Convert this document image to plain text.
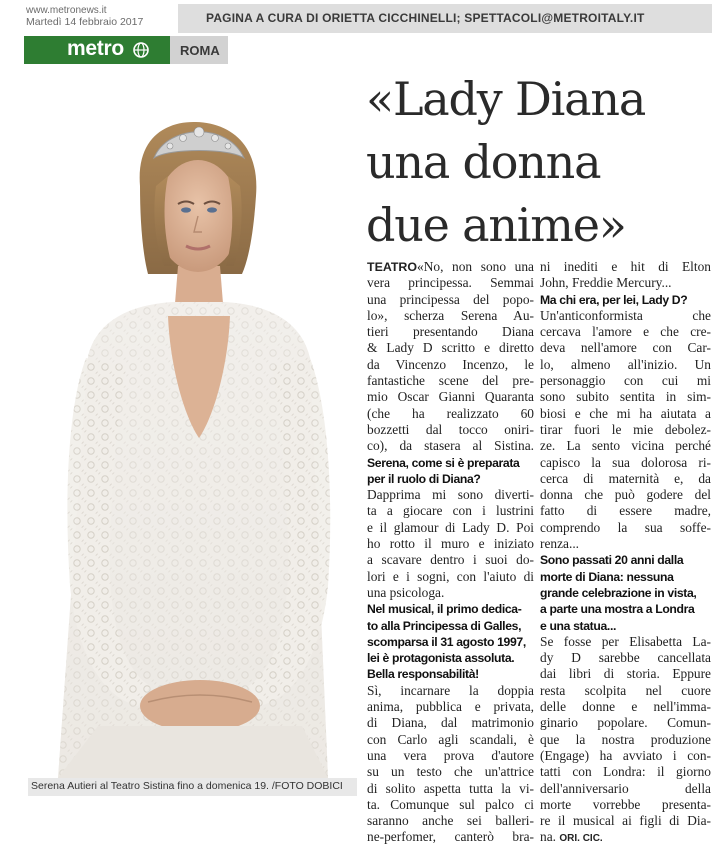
www.metronews.it
Martedì 14 febbraio 2017	PAGINA A CURA DI ORIETTA CICCHINELLI; SPETTACOLI@METROITALY.IT
metro	ROMA
Serena Autieri al Teatro Sistina fino a domenica 19. /FOTO DOBICI
«Lady Diana
una donna
due anime»
TEATRO«No, non sono una
vera principessa. Semmai
una principessa del popo-
lo», scherza Serena Au-
tieri presentando Diana
& Lady D scritto e diretto
da Vincenzo Incenzo, le
fantastiche scene del pre-
mio Oscar Gianni Quaranta
(che ha realizzato 60
bozzetti dal tocco oniri-
co), da stasera al Sistina.
Serena, come si è preparata
per il ruolo di Diana?
Dapprima mi sono diverti-
ta a giocare con i lustrini
e il glamour di Lady D. Poi
ho rotto il muro e iniziato
a scavare dentro i suoi do-
lori e i sogni, con l'aiuto di
una psicologa.
Nel musical, il primo dedica-
to alla Principessa di Galles,
scomparsa il 31 agosto 1997,
lei è protagonista assoluta.
Bella responsabilità!
Sì, incarnare la doppia
anima, pubblica e privata,
di Diana, dal matrimonio
con Carlo agli scandali, è
una vera prova d'autore
su un testo che un'attrice
di solito aspetta tutta la vi-
ta. Comunque sul palco ci
saranno anche sei balleri-
ne-perfomer, canterò bra-
ni inediti e hit di Elton
John, Freddie Mercury...
Ma chi era, per lei, Lady D?
Un'anticonformista che
cercava l'amore e che cre-
deva nell'amore con Car-
lo, almeno all'inizio. Un
personaggio con cui mi
sono subito sentita in sim-
biosi e che mi ha aiutata a
tirar fuori le mie debolez-
ze. La sento vicina perché
capisco la sua dolorosa ri-
cerca di maternità e, da
donna che può godere del
fatto di essere madre,
comprendo la sua soffe-
renza...
Sono passati 20 anni dalla
morte di Diana: nessuna
grande celebrazione in vista,
a parte una mostra a Londra
e una statua...
Se fosse per Elisabetta La-
dy D sarebbe cancellata
dai libri di storia. Eppure
resta scolpita nel cuore
delle donne e nell'imma-
ginario popolare. Comun-
que la nostra produzione
(Engage) ha avviato i con-
tatti con Londra: il giorno
dell'anniversario della
morte vorrebbe presenta-
re il musical ai figli di Dia-
na. ORI. CIC.
